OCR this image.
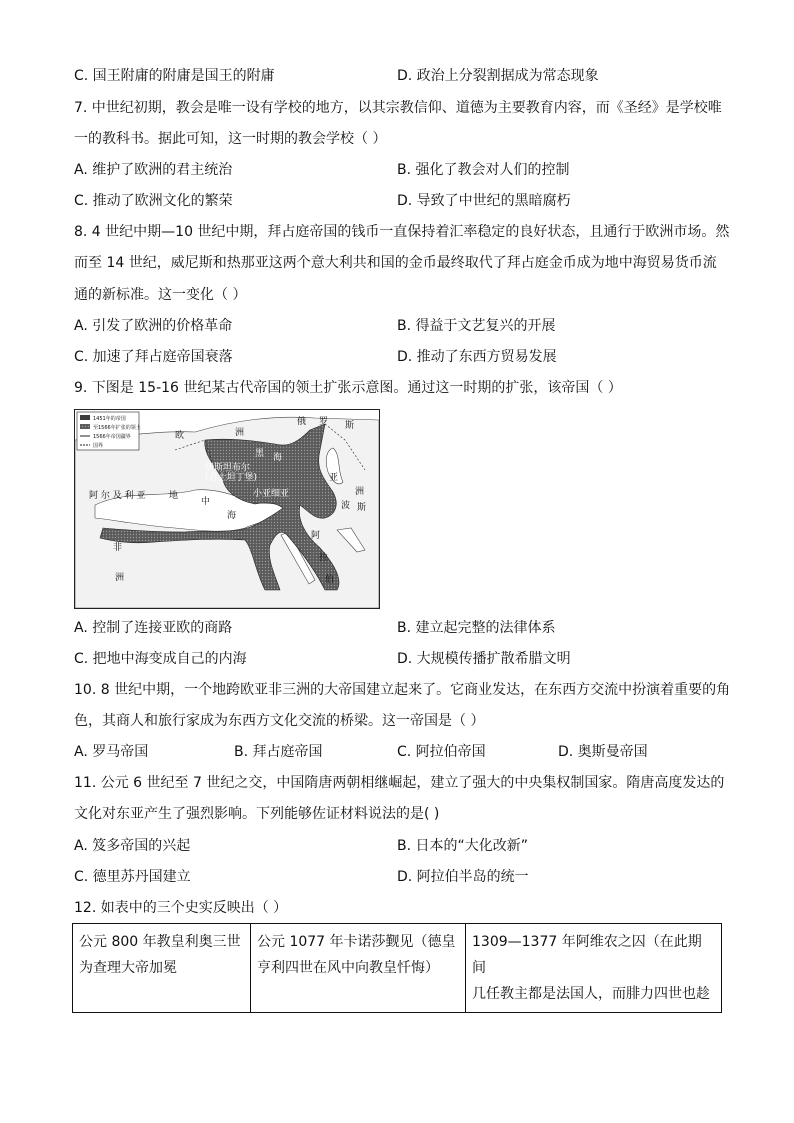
C. 国王附庸的附庸是国王的附庸	D. 政治上分裂割据成为常态现象
7. 中世纪初期，教会是唯一设有学校的地方，以其宗教信仰、道德为主要教育内容，而《圣经》是学校唯
一的教科书。据此可知，这一时期的教会学校（ ）
A. 维护了欧洲的君主统治	B. 强化了教会对人们的控制
C. 推动了欧洲文化的繁荣	D. 导致了中世纪的黑暗腐朽
8. 4 世纪中期—10 世纪中期，拜占庭帝国的钱币一直保持着汇率稳定的良好状态，且通行于欧洲市场。然
而至 14 世纪，威尼斯和热那亚这两个意大利共和国的金币最终取代了拜占庭金币成为地中海贸易货币流
通的新标准。这一变化（ ）
A. 引发了欧洲的价格革命	B. 得益于文艺复兴的开展
C. 加速了拜占庭帝国衰落	D. 推动了东西方贸易发展
9. 下图是 15-16 世纪某古代帝国的领土扩张示意图。通过这一时期的扩张，该帝国（ ）
1451年的帝国
至1566年扩张的领土
1566年帝国疆界
国界
俄 罗 斯
欧	洲
黑 海
伊斯坦布尔
(君士坦丁堡)
地
中
海
小亚细亚
阿 尔 及 利 亚
亚
洲
波 斯
非
洲
阿
拉
伯
A. 控制了连接亚欧的商路	B. 建立起完整的法律体系
C. 把地中海变成自己的内海	D. 大规模传播扩散希腊文明
10. 8 世纪中期，一个地跨欧亚非三洲的大帝国建立起来了。它商业发达，在东西方交流中扮演着重要的角
色，其商人和旅行家成为东西方文化交流的桥梁。这一帝国是（ ）
A. 罗马帝国	B. 拜占庭帝国	C. 阿拉伯帝国	D. 奥斯曼帝国
11. 公元 6 世纪至 7 世纪之交，中国隋唐两朝相继崛起，建立了强大的中央集权制国家。隋唐高度发达的
文化对东亚产生了强烈影响。下列能够佐证材料说法的是( )
A. 笈多帝国的兴起	B. 日本的“大化改新”
C. 德里苏丹国建立	D. 阿拉伯半岛的统一
12. 如表中的三个史实反映出（ ）
公元 800 年教皇利奥三世
为查理大帝加冕

公元 1077 年卡诺莎觐见（德皇
亨利四世在风中向教皇忏悔）

1309—1377 年阿维农之囚（在此期间
几任教主都是法国人，而腓力四世也趁
